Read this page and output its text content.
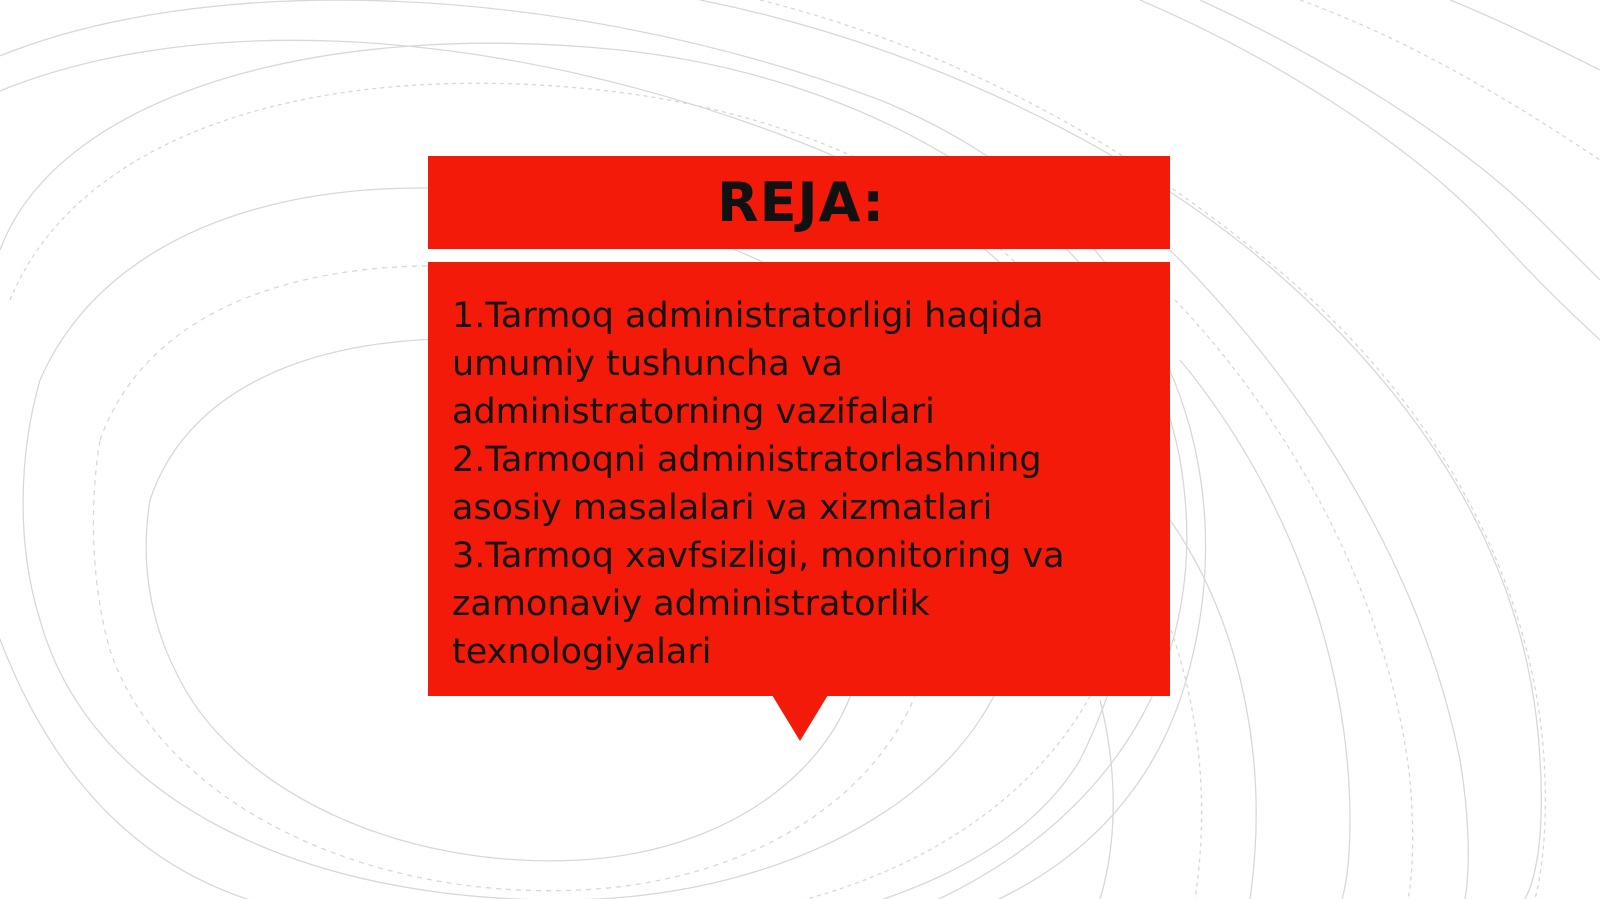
REJA:
1.Tarmoq administratorligi haqida umumiy tushuncha va administratorning vazifalari
2.Tarmoqni administratorlashning asosiy masalalari va xizmatlari
3.Tarmoq xavfsizligi, monitoring va zamonaviy administratorlik texnologiyalari
